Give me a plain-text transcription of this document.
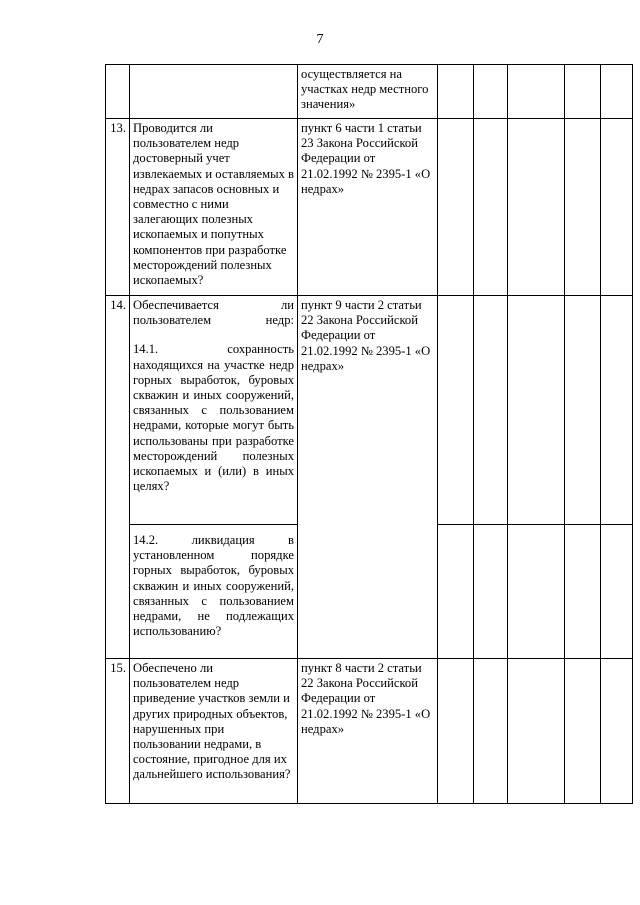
7
		осуществляется на участках недр местного значения»					
13.	Проводится ли пользователем недр достоверный учет извлекаемых и оставляемых в недрах запасов основных и совместно с ними залегающих полезных ископаемых и попутных компонентов при разработке месторождений полезных ископаемых?	пункт 6 части 1 статьи 23 Закона Российской Федерации от 21.02.1992 № 2395-1 «О недрах»					
14.	Обеспечивается ли пользователем недр:
14.1. сохранность находящихся на участке недр горных выработок, буровых скважин и иных сооружений, связанных с пользованием недрами, которые могут быть использованы при разработке месторождений полезных ископаемых и (или) в иных целях?	пункт 9 части 2 статьи 22 Закона Российской Федерации от 21.02.1992 № 2395-1 «О недрах»					

	14.2. ликвидация в установленном порядке горных выработок, буровых скважин и иных сооружений, связанных с пользованием недрами, не подлежащих использованию?						

15.	Обеспечено ли пользователем недр приведение участков земли и других природных объектов, нарушенных при пользовании недрами, в состояние, пригодное для их дальнейшего использования?	пункт 8 части 2 статьи 22 Закона Российской Федерации от 21.02.1992 № 2395-1 «О недрах»					
